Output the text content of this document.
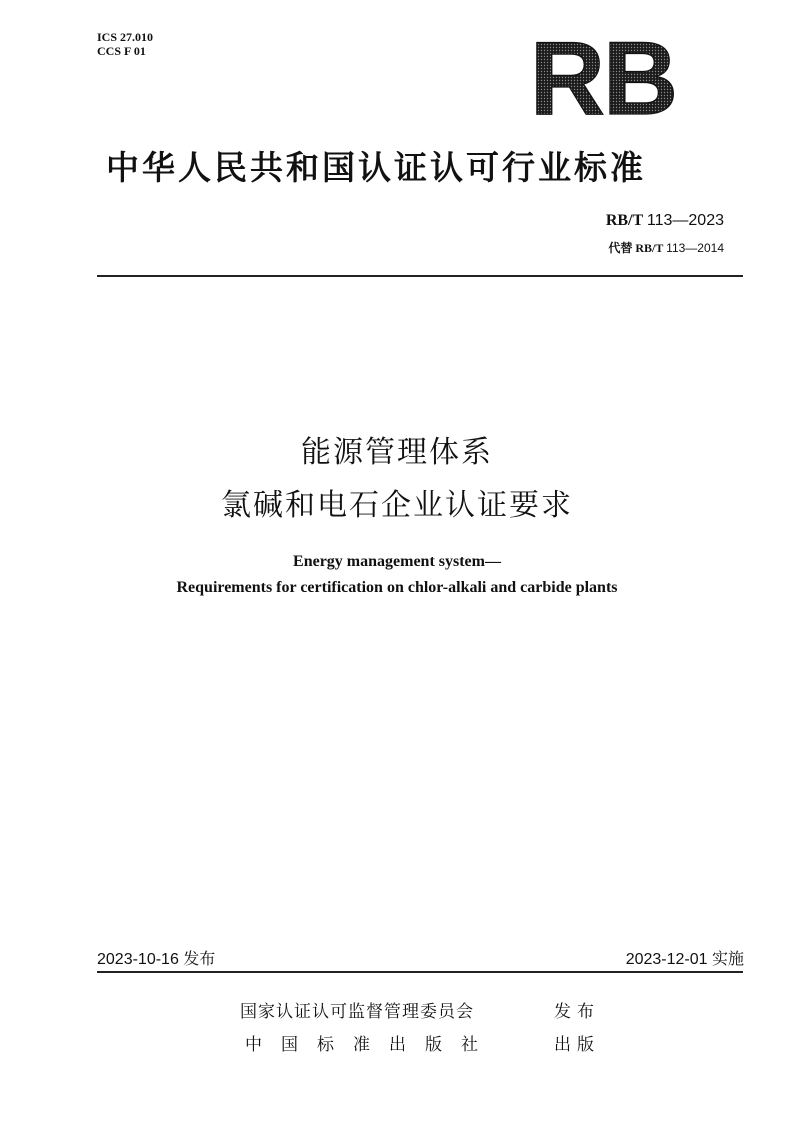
ICS 27.010
CCS F 01	RB
中华人民共和国认证认可行业标准
RB/T 113—2023
代替 RB/T 113—2014
能源管理体系
氯碱和电石企业认证要求
Energy management system—
Requirements for certification on chlor-alkali and carbide plants
2023-10-16 发布	2023-12-01 实施
国家认证认可监督管理委员会	发布
中国标准出版社	出版
